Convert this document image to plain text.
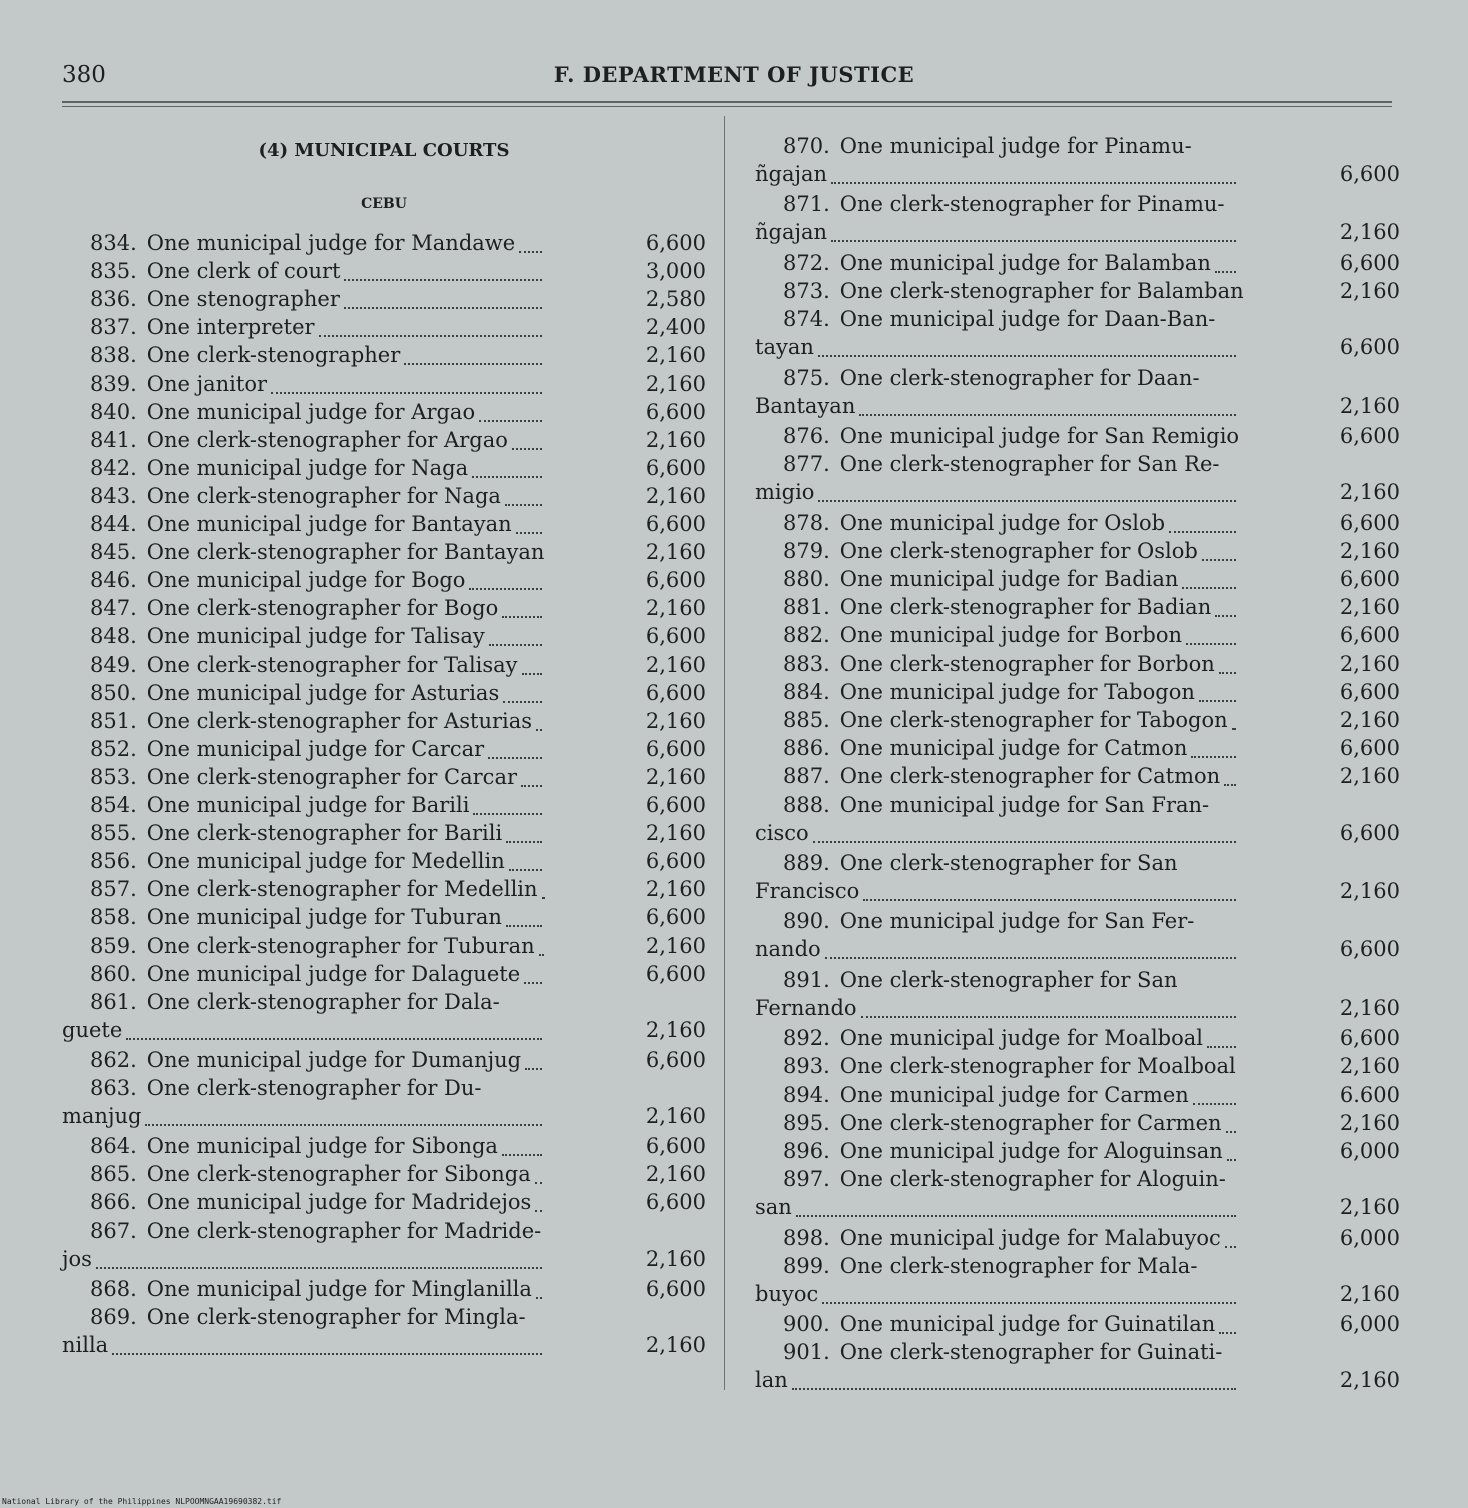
380	F. DEPARTMENT OF JUSTICE
(4) MUNICIPAL COURTS
CEBU
834. One municipal judge for Mandawe	6,600
835. One clerk of court	3,000
836. One stenographer	2,580
837. One interpreter	2,400
838. One clerk-stenographer	2,160
839. One janitor	2,160
840. One municipal judge for Argao	6,600
841. One clerk-stenographer for Argao	2,160
842. One municipal judge for Naga	6,600
843. One clerk-stenographer for Naga	2,160
844. One municipal judge for Bantayan	6,600
845. One clerk-stenographer for Bantayan	2,160
846. One municipal judge for Bogo	6,600
847. One clerk-stenographer for Bogo	2,160
848. One municipal judge for Talisay	6,600
849. One clerk-stenographer for Talisay	2,160
850. One municipal judge for Asturias	6,600
851. One clerk-stenographer for Asturias	2,160
852. One municipal judge for Carcar	6,600
853. One clerk-stenographer for Carcar	2,160
854. One municipal judge for Barili	6,600
855. One clerk-stenographer for Barili	2,160
856. One municipal judge for Medellin	6,600
857. One clerk-stenographer for Medellin	2,160
858. One municipal judge for Tuburan	6,600
859. One clerk-stenographer for Tuburan	2,160
860. One municipal judge for Dalaguete	6,600
861. One clerk-stenographer for Dala-
guete	2,160
862. One municipal judge for Dumanjug	6,600
863. One clerk-stenographer for Du-
manjug	2,160
864. One municipal judge for Sibonga	6,600
865. One clerk-stenographer for Sibonga	2,160
866. One municipal judge for Madridejos	6,600
867. One clerk-stenographer for Madride-
jos	2,160
868. One municipal judge for Minglanilla	6,600
869. One clerk-stenographer for Mingla-
nilla	2,160
870. One municipal judge for Pinamu-
ñgajan	6,600
871. One clerk-stenographer for Pinamu-
ñgajan	2,160
872. One municipal judge for Balamban	6,600
873. One clerk-stenographer for Balamban	2,160
874. One municipal judge for Daan-Ban-
tayan	6,600
875. One clerk-stenographer for Daan-
Bantayan	2,160
876. One municipal judge for San Remigio	6,600
877. One clerk-stenographer for San Re-
migio	2,160
878. One municipal judge for Oslob	6,600
879. One clerk-stenographer for Oslob	2,160
880. One municipal judge for Badian	6,600
881. One clerk-stenographer for Badian	2,160
882. One municipal judge for Borbon	6,600
883. One clerk-stenographer for Borbon	2,160
884. One municipal judge for Tabogon	6,600
885. One clerk-stenographer for Tabogon	2,160
886. One municipal judge for Catmon	6,600
887. One clerk-stenographer for Catmon	2,160
888. One municipal judge for San Fran-
cisco	6,600
889. One clerk-stenographer for San
Francisco	2,160
890. One municipal judge for San Fer-
nando	6,600
891. One clerk-stenographer for San
Fernando	2,160
892. One municipal judge for Moalboal	6,600
893. One clerk-stenographer for Moalboal	2,160
894. One municipal judge for Carmen	6.600
895. One clerk-stenographer for Carmen	2,160
896. One municipal judge for Aloguinsan	6,000
897. One clerk-stenographer for Aloguin-
san	2,160
898. One municipal judge for Malabuyoc	6,000
899. One clerk-stenographer for Mala-
buyoc	2,160
900. One municipal judge for Guinatilan	6,000
901. One clerk-stenographer for Guinati-
lan	2,160
National Library of the Philippines NLPOOMNGAA19690382.tif
